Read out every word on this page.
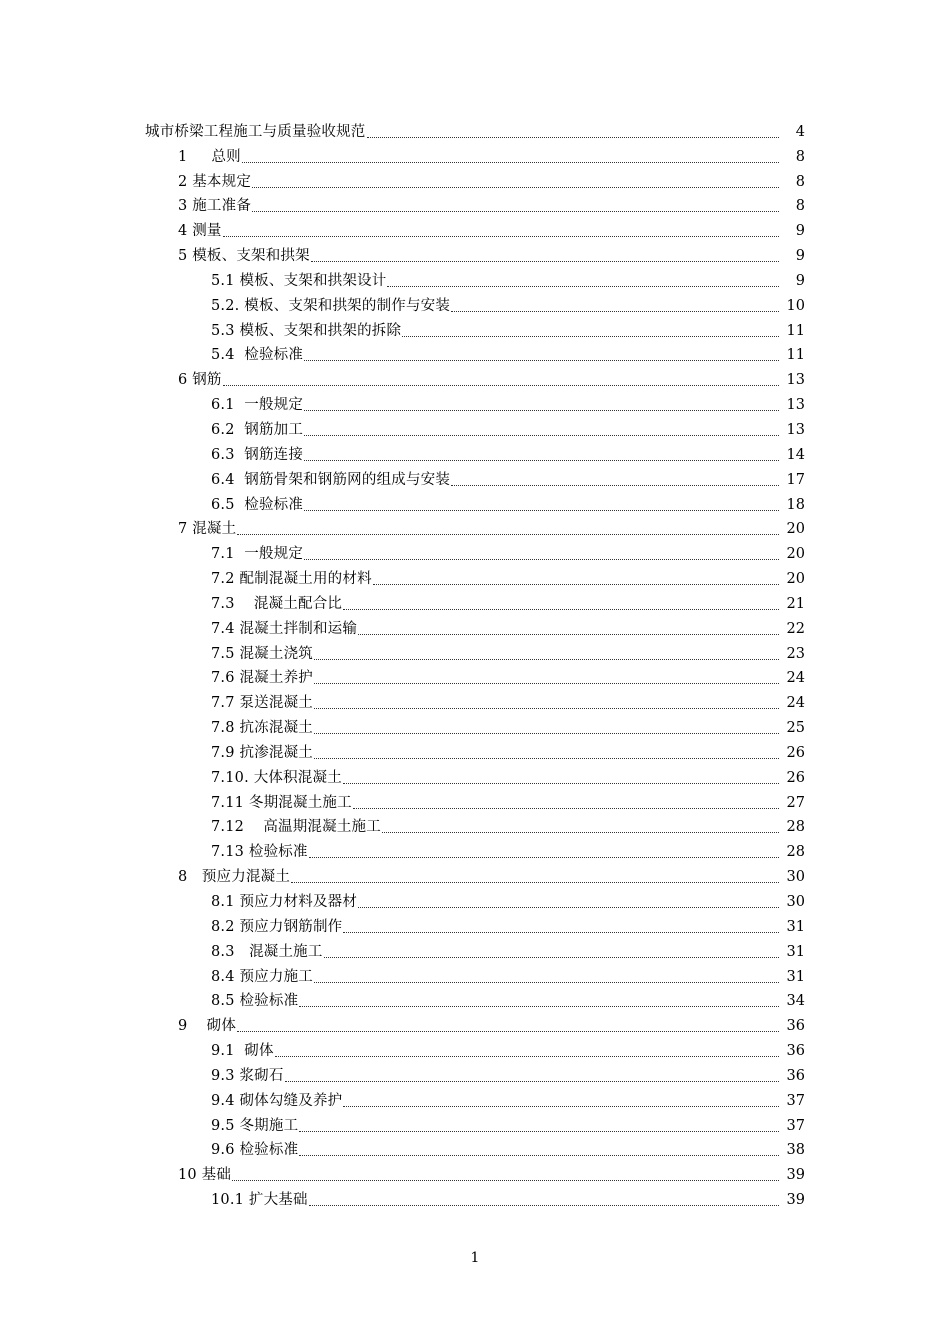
城市桥梁工程施工与质量验收规范	4
1     总则	8
2 基本规定	8
3 施工准备	8
4 测量	9
5 模板、支架和拱架	9
5.1 模板、支架和拱架设计	9
5.2. 模板、支架和拱架的制作与安装	10
5.3 模板、支架和拱架的拆除	11
5.4  检验标准	11
6 钢筋	13
6.1  一般规定	13
6.2  钢筋加工	13
6.3  钢筋连接	14
6.4  钢筋骨架和钢筋网的组成与安装	17
6.5  检验标准	18
7 混凝土	20
7.1  一般规定	20
7.2 配制混凝土用的材料	20
7.3    混凝土配合比	21
7.4 混凝土拌制和运输	22
7.5 混凝土浇筑	23
7.6 混凝土养护	24
7.7 泵送混凝土	24
7.8 抗冻混凝土	25
7.9 抗渗混凝土	26
7.10. 大体积混凝土	26
7.11 冬期混凝土施工	27
7.12    高温期混凝土施工	28
7.13 检验标准	28
8   预应力混凝土	30
8.1 预应力材料及器材	30
8.2 预应力钢筋制作	31
8.3   混凝土施工	31
8.4 预应力施工	31
8.5 检验标准	34
9    砌体	36
9.1  砌体	36
9.3 浆砌石	36
9.4 砌体勾缝及养护	37
9.5 冬期施工	37
9.6 检验标准	38
10 基础	39
10.1 扩大基础	39
1
